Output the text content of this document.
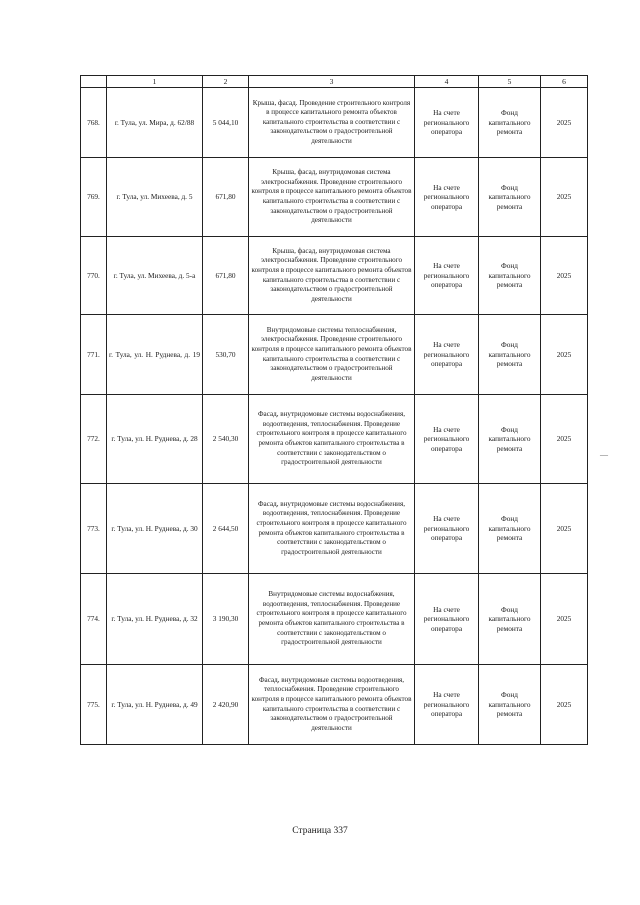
	1	2	3	4	5	6
768.	г. Тула, ул. Мира, д. 62/88	5 044,10	Крыша, фасад. Проведение строительного контроля в процессе капитального ремонта объектов капитального строительства в соответствии с законодательством о градостроительной деятельности	На счете регионального оператора	Фонд капитального ремонта	2025
769.	г. Тула, ул. Михеева, д. 5	671,80	Крыша, фасад, внутридомовая система электроснабжения. Проведение строительного контроля в процессе капитального ремонта объектов капитального строительства в соответствии с законодательством о градостроительной деятельности	На счете регионального оператора	Фонд капитального ремонта	2025
770.	г. Тула, ул. Михеева, д. 5-а	671,80	Крыша, фасад, внутридомовая система электроснабжения. Проведение строительного контроля в процессе капитального ремонта объектов капитального строительства в соответствии с законодательством о градостроительной деятельности	На счете регионального оператора	Фонд капитального ремонта	2025
771.	г. Тула, ул. Н. Руднева, д. 19	530,70	Внутридомовые системы теплоснабжения, электроснабжения. Проведение строительного контроля в процессе капитального ремонта объектов капитального строительства в соответствии с законодательством о градостроительной деятельности	На счете регионального оператора	Фонд капитального ремонта	2025
772.	г. Тула, ул. Н. Руднева, д. 28	2 540,30	Фасад, внутридомовые системы водоснабжения, водоотведения, теплоснабжения. Проведение строительного контроля в процессе капитального ремонта объектов капитального строительства в соответствии с законодательством о градостроительной деятельности	На счете регионального оператора	Фонд капитального ремонта	2025
773.	г. Тула, ул. Н. Руднева, д. 30	2 644,50	Фасад, внутридомовые системы водоснабжения, водоотведения, теплоснабжения. Проведение строительного контроля в процессе капитального ремонта объектов капитального строительства в соответствии с законодательством о градостроительной деятельности	На счете регионального оператора	Фонд капитального ремонта	2025
774.	г. Тула, ул. Н. Руднева, д. 32	3 190,30	Внутридомовые системы водоснабжения, водоотведения, теплоснабжения. Проведение строительного контроля в процессе капитального ремонта объектов капитального строительства в соответствии с законодательством о градостроительной деятельности	На счете регионального оператора	Фонд капитального ремонта	2025
775.	г. Тула, ул. Н. Руднева, д. 49	2 420,90	Фасад, внутридомовые системы водоотведения, теплоснабжения. Проведение строительного контроля в процессе капитального ремонта объектов капитального строительства в соответствии с законодательством о градостроительной деятельности	На счете регионального оператора	Фонд капитального ремонта	2025
—
Страница 337
